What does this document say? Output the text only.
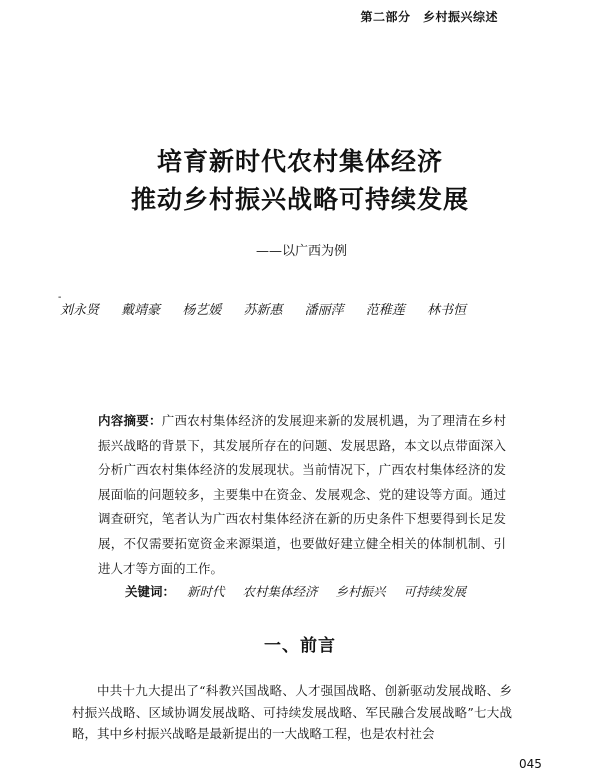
第二部分　乡村振兴综述
培育新时代农村集体经济
推动乡村振兴战略可持续发展
——以广西为例
-
刘永贤 戴靖豪 杨艺媛 苏新惠 潘丽萍 范稚莲 林书恒
内容摘要：广西农村集体经济的发展迎来新的发展机遇，为了理清在乡村振兴战略的背景下，其发展所存在的问题、发展思路，本文以点带面深入分析广西农村集体经济的发展现状。当前情况下，广西农村集体经济的发展面临的问题较多，主要集中在资金、发展观念、党的建设等方面。通过调查研究，笔者认为广西农村集体经济在新的历史条件下想要得到长足发展，不仅需要拓宽资金来源渠道，也要做好建立健全相关的体制机制、引进人才等方面的工作。
关键词： 新时代 农村集体经济 乡村振兴 可持续发展
一、前言

中共十九大提出了“科教兴国战略、人才强国战略、创新驱动发展战略、乡村振兴战略、区域协调发展战略、可持续发展战略、军民融合发展战略”七大战略，其中乡村振兴战略是最新提出的一大战略工程，也是农村社会

045
